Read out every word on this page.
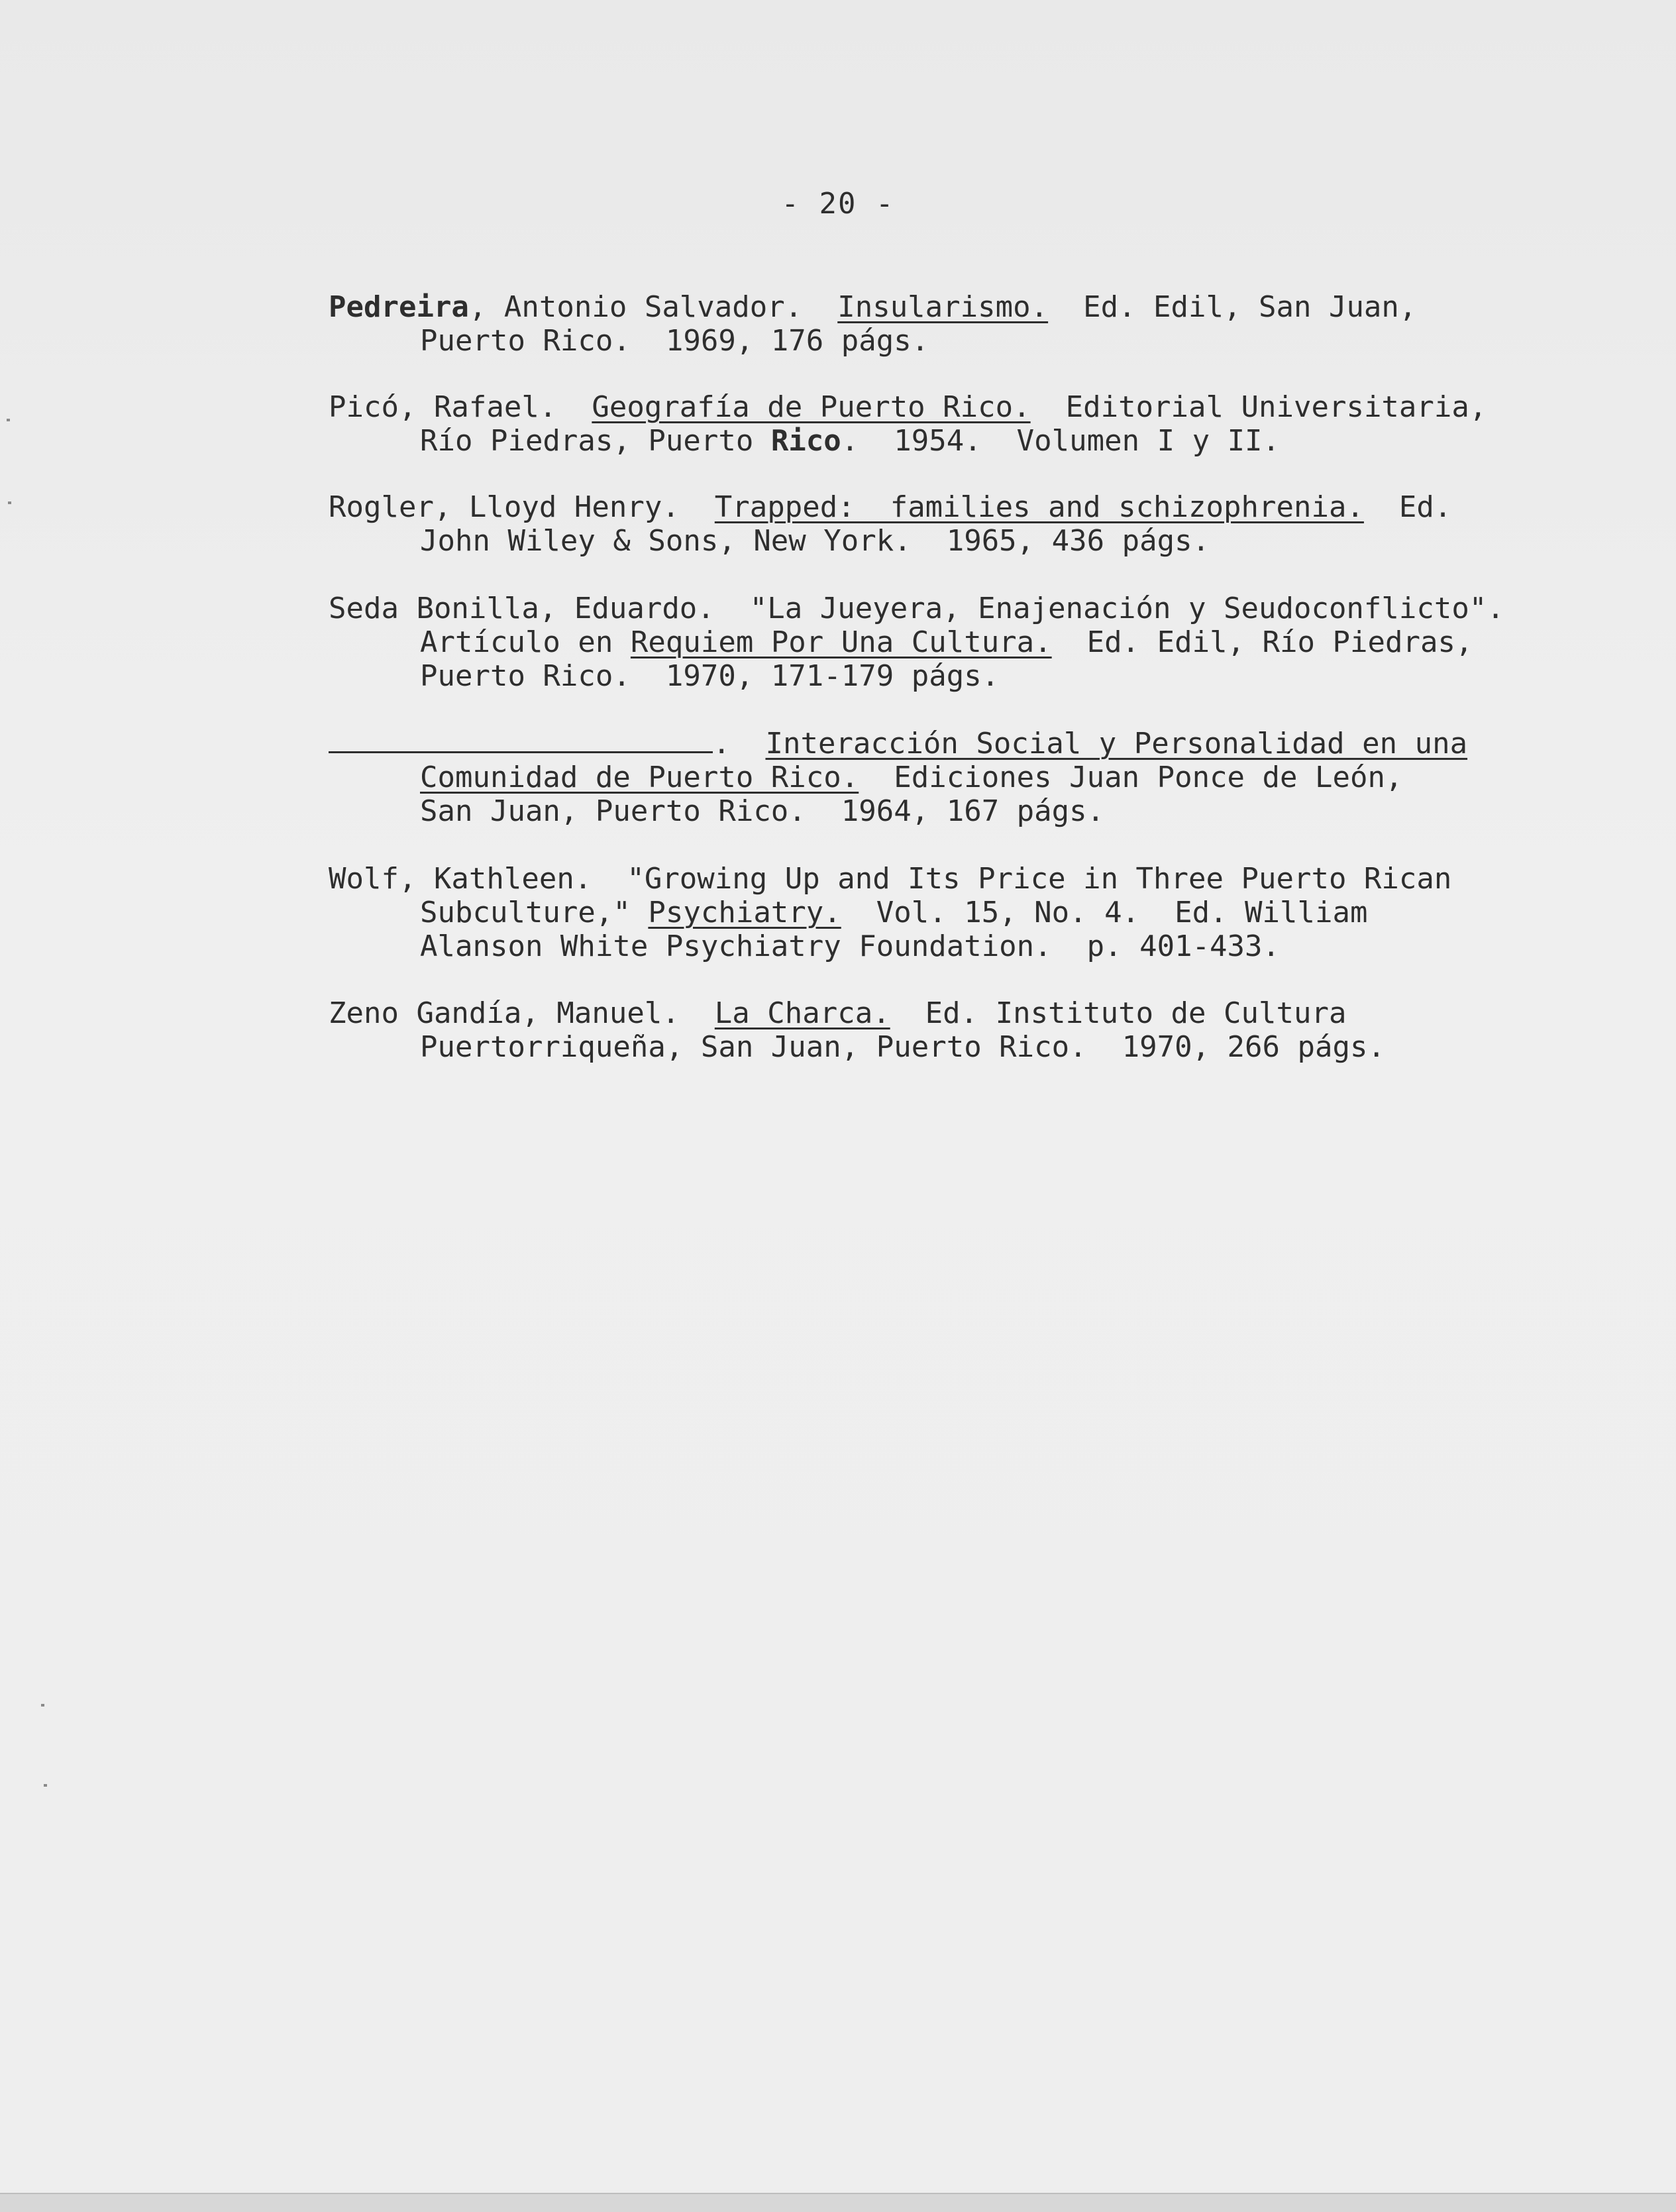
- 20 -
Pedreira, Antonio Salvador.  Insularismo.  Ed. Edil, San Juan,
Puerto Rico.  1969, 176 págs.
Picó, Rafael.  Geografía de Puerto Rico.  Editorial Universitaria,
Río Piedras, Puerto Rico.  1954.  Volumen I y II.
Rogler, Lloyd Henry.  Trapped:  families and schizophrenia.  Ed.
John Wiley & Sons, New York.  1965, 436 págs.
Seda Bonilla, Eduardo.  "La Jueyera, Enajenación y Seudoconflicto".
Artículo en Requiem Por Una Cultura.  Ed. Edil, Río Piedras,
Puerto Rico.  1970, 171-179 págs.
.  Interacción Social y Personalidad en una
Comunidad de Puerto Rico.  Ediciones Juan Ponce de León,
San Juan, Puerto Rico.  1964, 167 págs.
Wolf, Kathleen.  "Growing Up and Its Price in Three Puerto Rican
Subculture," Psychiatry.  Vol. 15, No. 4.  Ed. William
Alanson White Psychiatry Foundation.  p. 401-433.
Zeno Gandía, Manuel.  La Charca.  Ed. Instituto de Cultura
Puertorriqueña, San Juan, Puerto Rico.  1970, 266 págs.
